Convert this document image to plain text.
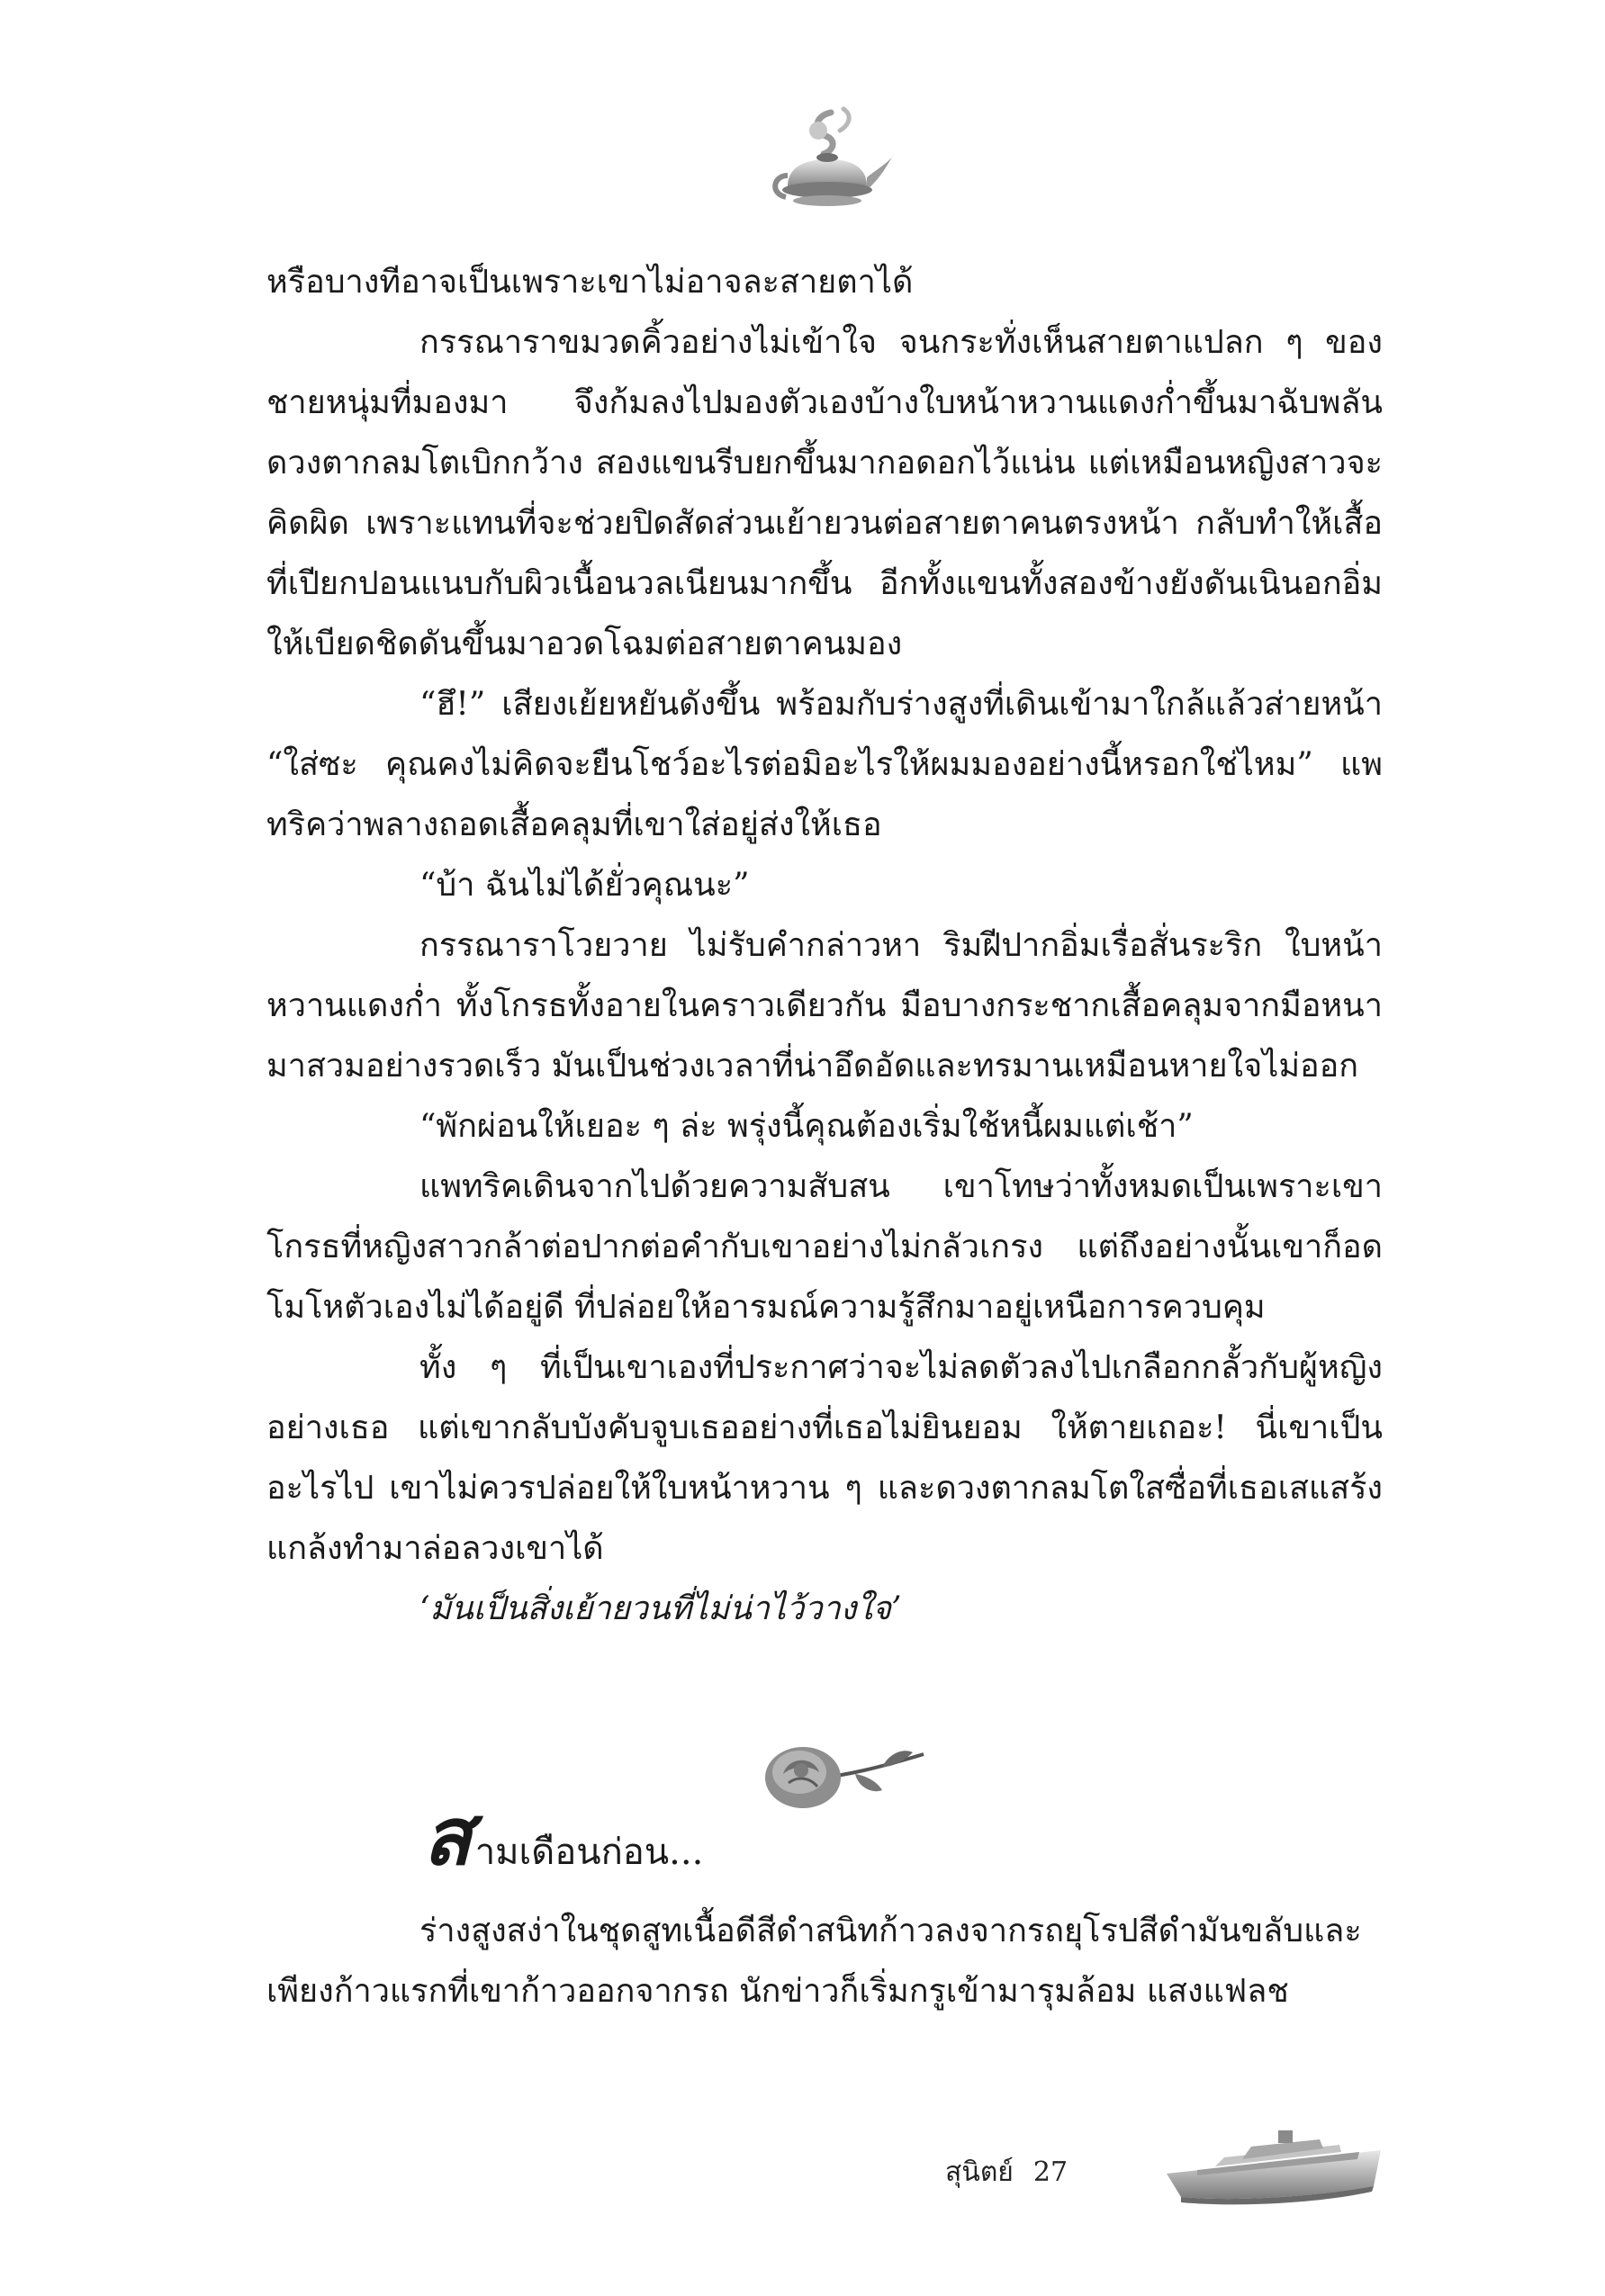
หรือบางทีอาจเป็นเพราะเขาไม่อาจละสายตาได้

กรรณาราขมวดคิ้วอย่างไม่เข้าใจ จนกระทั่งเห็นสายตาแปลก ๆ ของชายหนุ่มที่มองมา จึงก้มลงไปมองตัวเองบ้างใบหน้าหวานแดงก่ำขึ้นมาฉับพลัน ดวงตากลมโตเบิกกว้าง สองแขนรีบยกขึ้นมากอดอกไว้แน่น แต่เหมือนหญิงสาวจะคิดผิด เพราะแทนที่จะช่วยปิดสัดส่วนเย้ายวนต่อสายตาคนตรงหน้า กลับทำให้เสื้อที่เปียกปอนแนบกับผิวเนื้อนวลเนียนมากขึ้น อีกทั้งแขนทั้งสองข้างยังดันเนินอกอิ่มให้เบียดชิดดันขึ้นมาอวดโฉมต่อสายตาคนมอง

“ฮึ!” เสียงเย้ยหยันดังขึ้น พร้อมกับร่างสูงที่เดินเข้ามาใกล้แล้วส่ายหน้า “ใส่ซะ คุณคงไม่คิดจะยืนโชว์อะไรต่อมิอะไรให้ผมมองอย่างนี้หรอกใช่ไหม” แพทริคว่าพลางถอดเสื้อคลุมที่เขาใส่อยู่ส่งให้เธอ

“บ้า ฉันไม่ได้ยั่วคุณนะ”

กรรณาราโวยวาย ไม่รับคำกล่าวหา ริมฝีปากอิ่มเรื่อสั่นระริก ใบหน้าหวานแดงก่ำ ทั้งโกรธทั้งอายในคราวเดียวกัน มือบางกระชากเสื้อคลุมจากมือหนามาสวมอย่างรวดเร็ว มันเป็นช่วงเวลาที่น่าอึดอัดและทรมานเหมือนหายใจไม่ออก

“พักผ่อนให้เยอะ ๆ ล่ะ พรุ่งนี้คุณต้องเริ่มใช้หนี้ผมแต่เช้า”

แพทริคเดินจากไปด้วยความสับสน เขาโทษว่าทั้งหมดเป็นเพราะเขาโกรธที่หญิงสาวกล้าต่อปากต่อคำกับเขาอย่างไม่กลัวเกรง แต่ถึงอย่างนั้นเขาก็อดโมโหตัวเองไม่ได้อยู่ดี ที่ปล่อยให้อารมณ์ความรู้สึกมาอยู่เหนือการควบคุม

ทั้ง ๆ ที่เป็นเขาเองที่ประกาศว่าจะไม่ลดตัวลงไปเกลือกกลั้วกับผู้หญิงอย่างเธอ แต่เขากลับบังคับจูบเธออย่างที่เธอไม่ยินยอม ให้ตายเถอะ! นี่เขาเป็นอะไรไป เขาไม่ควรปล่อยให้ใบหน้าหวาน ๆ และดวงตากลมโตใสซื่อที่เธอเสแสร้งแกล้งทำมาล่อลวงเขาได้

‘มันเป็นสิ่งเย้ายวนที่ไม่น่าไว้วางใจ’

สามเดือนก่อน...

ร่างสูงสง่าในชุดสูทเนื้อดีสีดำสนิทก้าวลงจากรถยุโรปสีดำมันขลับและเพียงก้าวแรกที่เขาก้าวออกจากรถ นักข่าวก็เริ่มกรูเข้ามารุมล้อม แสงแฟลช

สุนิตย์ 27
